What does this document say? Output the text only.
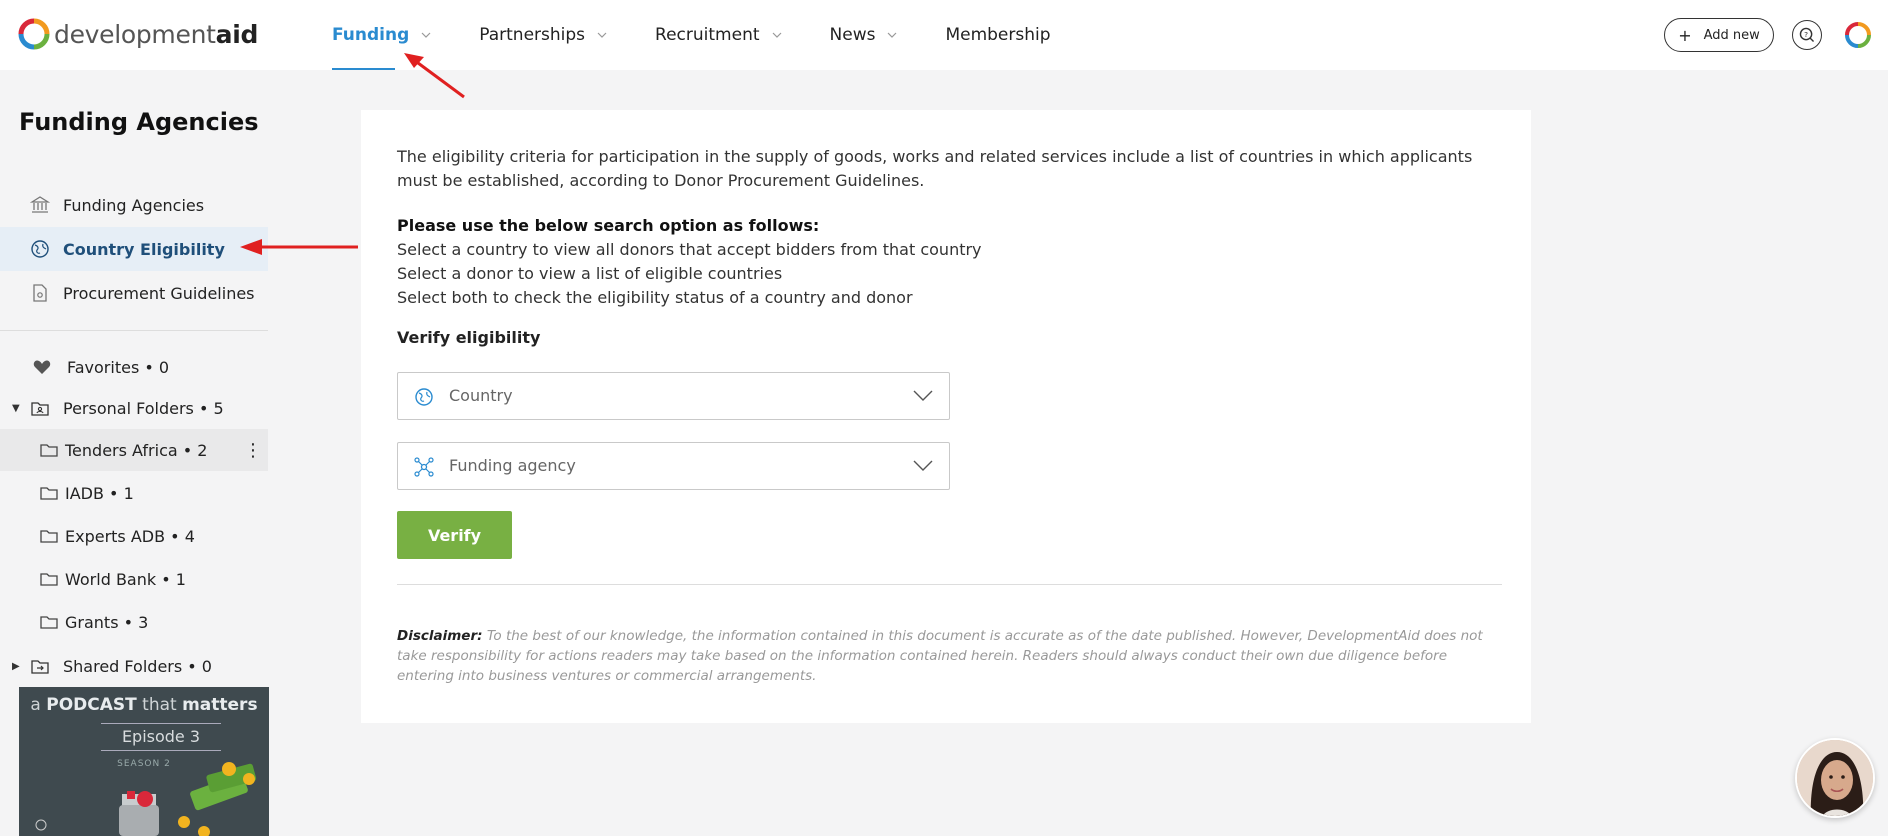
developmentaid	Funding	Partnerships	Recruitment	News	Membership	+ Add new	?
Funding Agencies
Funding Agencies
Country Eligibility
Procurement Guidelines
Favorites • 0
▼	Personal Folders • 5
Tenders Africa • 2 ⋮
IADB • 1
Experts ADB • 4
World Bank • 1
Grants • 3
▶	Shared Folders • 0
a PODCAST that matters
Episode 3
SEASON 2

The eligibility criteria for participation in the supply of goods, works and related services include a list of countries in which applicants must be established, according to Donor Procurement Guidelines.

Please use the below search option as follows:
Select a country to view all donors that accept bidders from that country
Select a donor to view a list of eligible countries
Select both to check the eligibility status of a country and donor

Verify eligibility
Country
Funding agency
Verify
Disclaimer: To the best of our knowledge, the information contained in this document is accurate as of the date published. However, DevelopmentAid does not take responsibility for actions readers may take based on the information contained herein. Readers should always conduct their own due diligence before entering into business ventures or commercial arrangements.
